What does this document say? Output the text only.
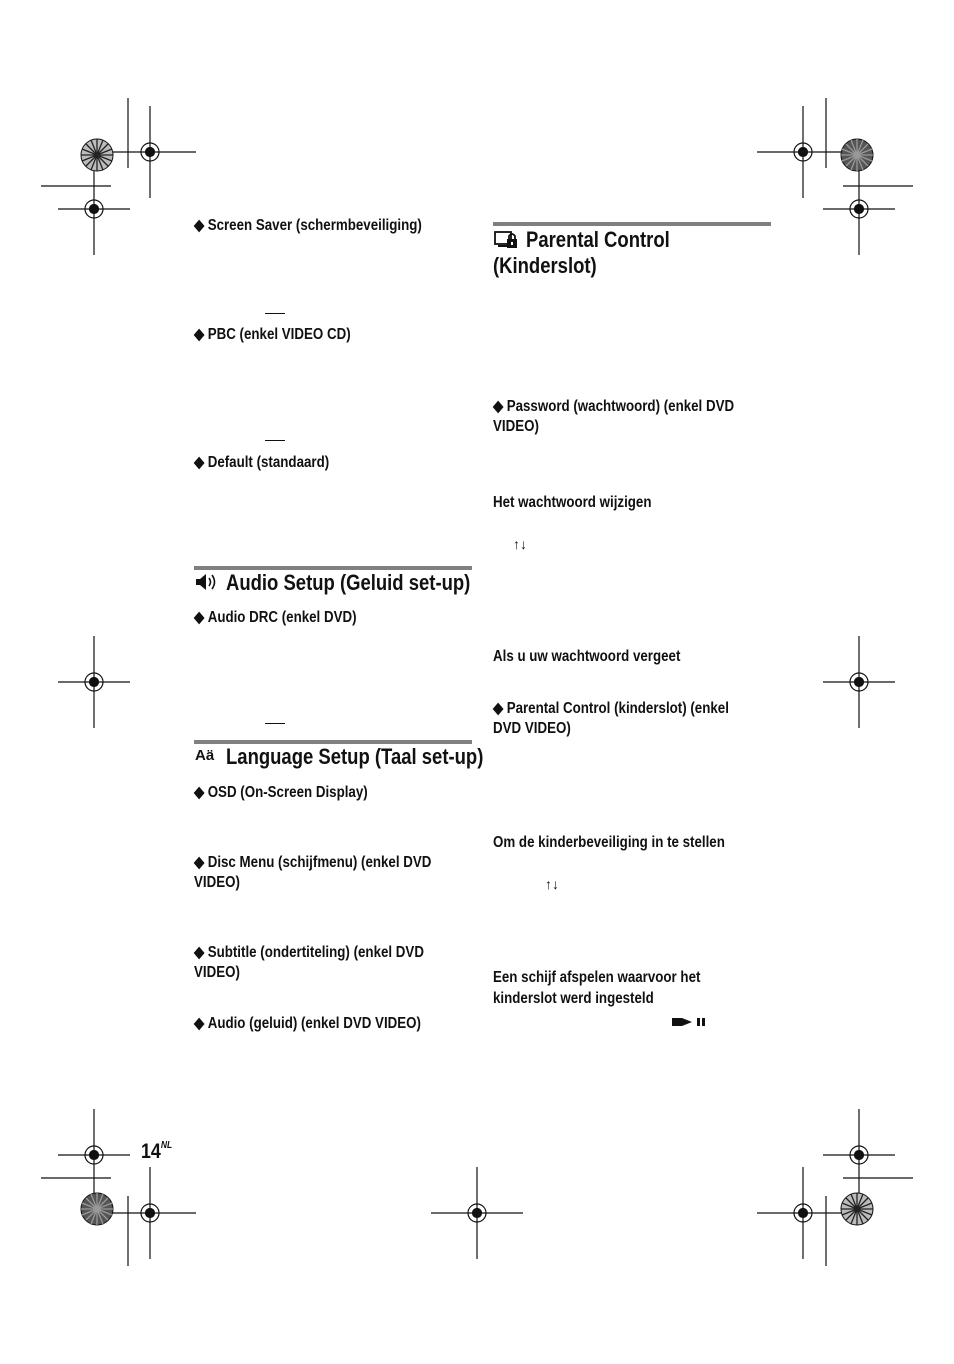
◆ Screen Saver (schermbeveiliging)
◆ PBC (enkel VIDEO CD)
◆ Default (standaard)
Audio Setup (Geluid set-up)
◆ Audio DRC (enkel DVD)
Aä Language Setup (Taal set-up)
◆ OSD (On-Screen Display)
◆ Disc Menu (schijfmenu) (enkel DVD
VIDEO)
◆ Subtitle (ondertiteling) (enkel DVD
VIDEO)
◆ Audio (geluid) (enkel DVD VIDEO)
Parental Control
(Kinderslot)
◆ Password (wachtwoord) (enkel DVD
VIDEO)
Het wachtwoord wijzigen
↑↓
Als u uw wachtwoord vergeet
◆ Parental Control (kinderslot) (enkel
DVD VIDEO)
Om de kinderbeveiliging in te stellen
↑↓
Een schijf afspelen waarvoor het
kinderslot werd ingesteld
$14^{NL}$
